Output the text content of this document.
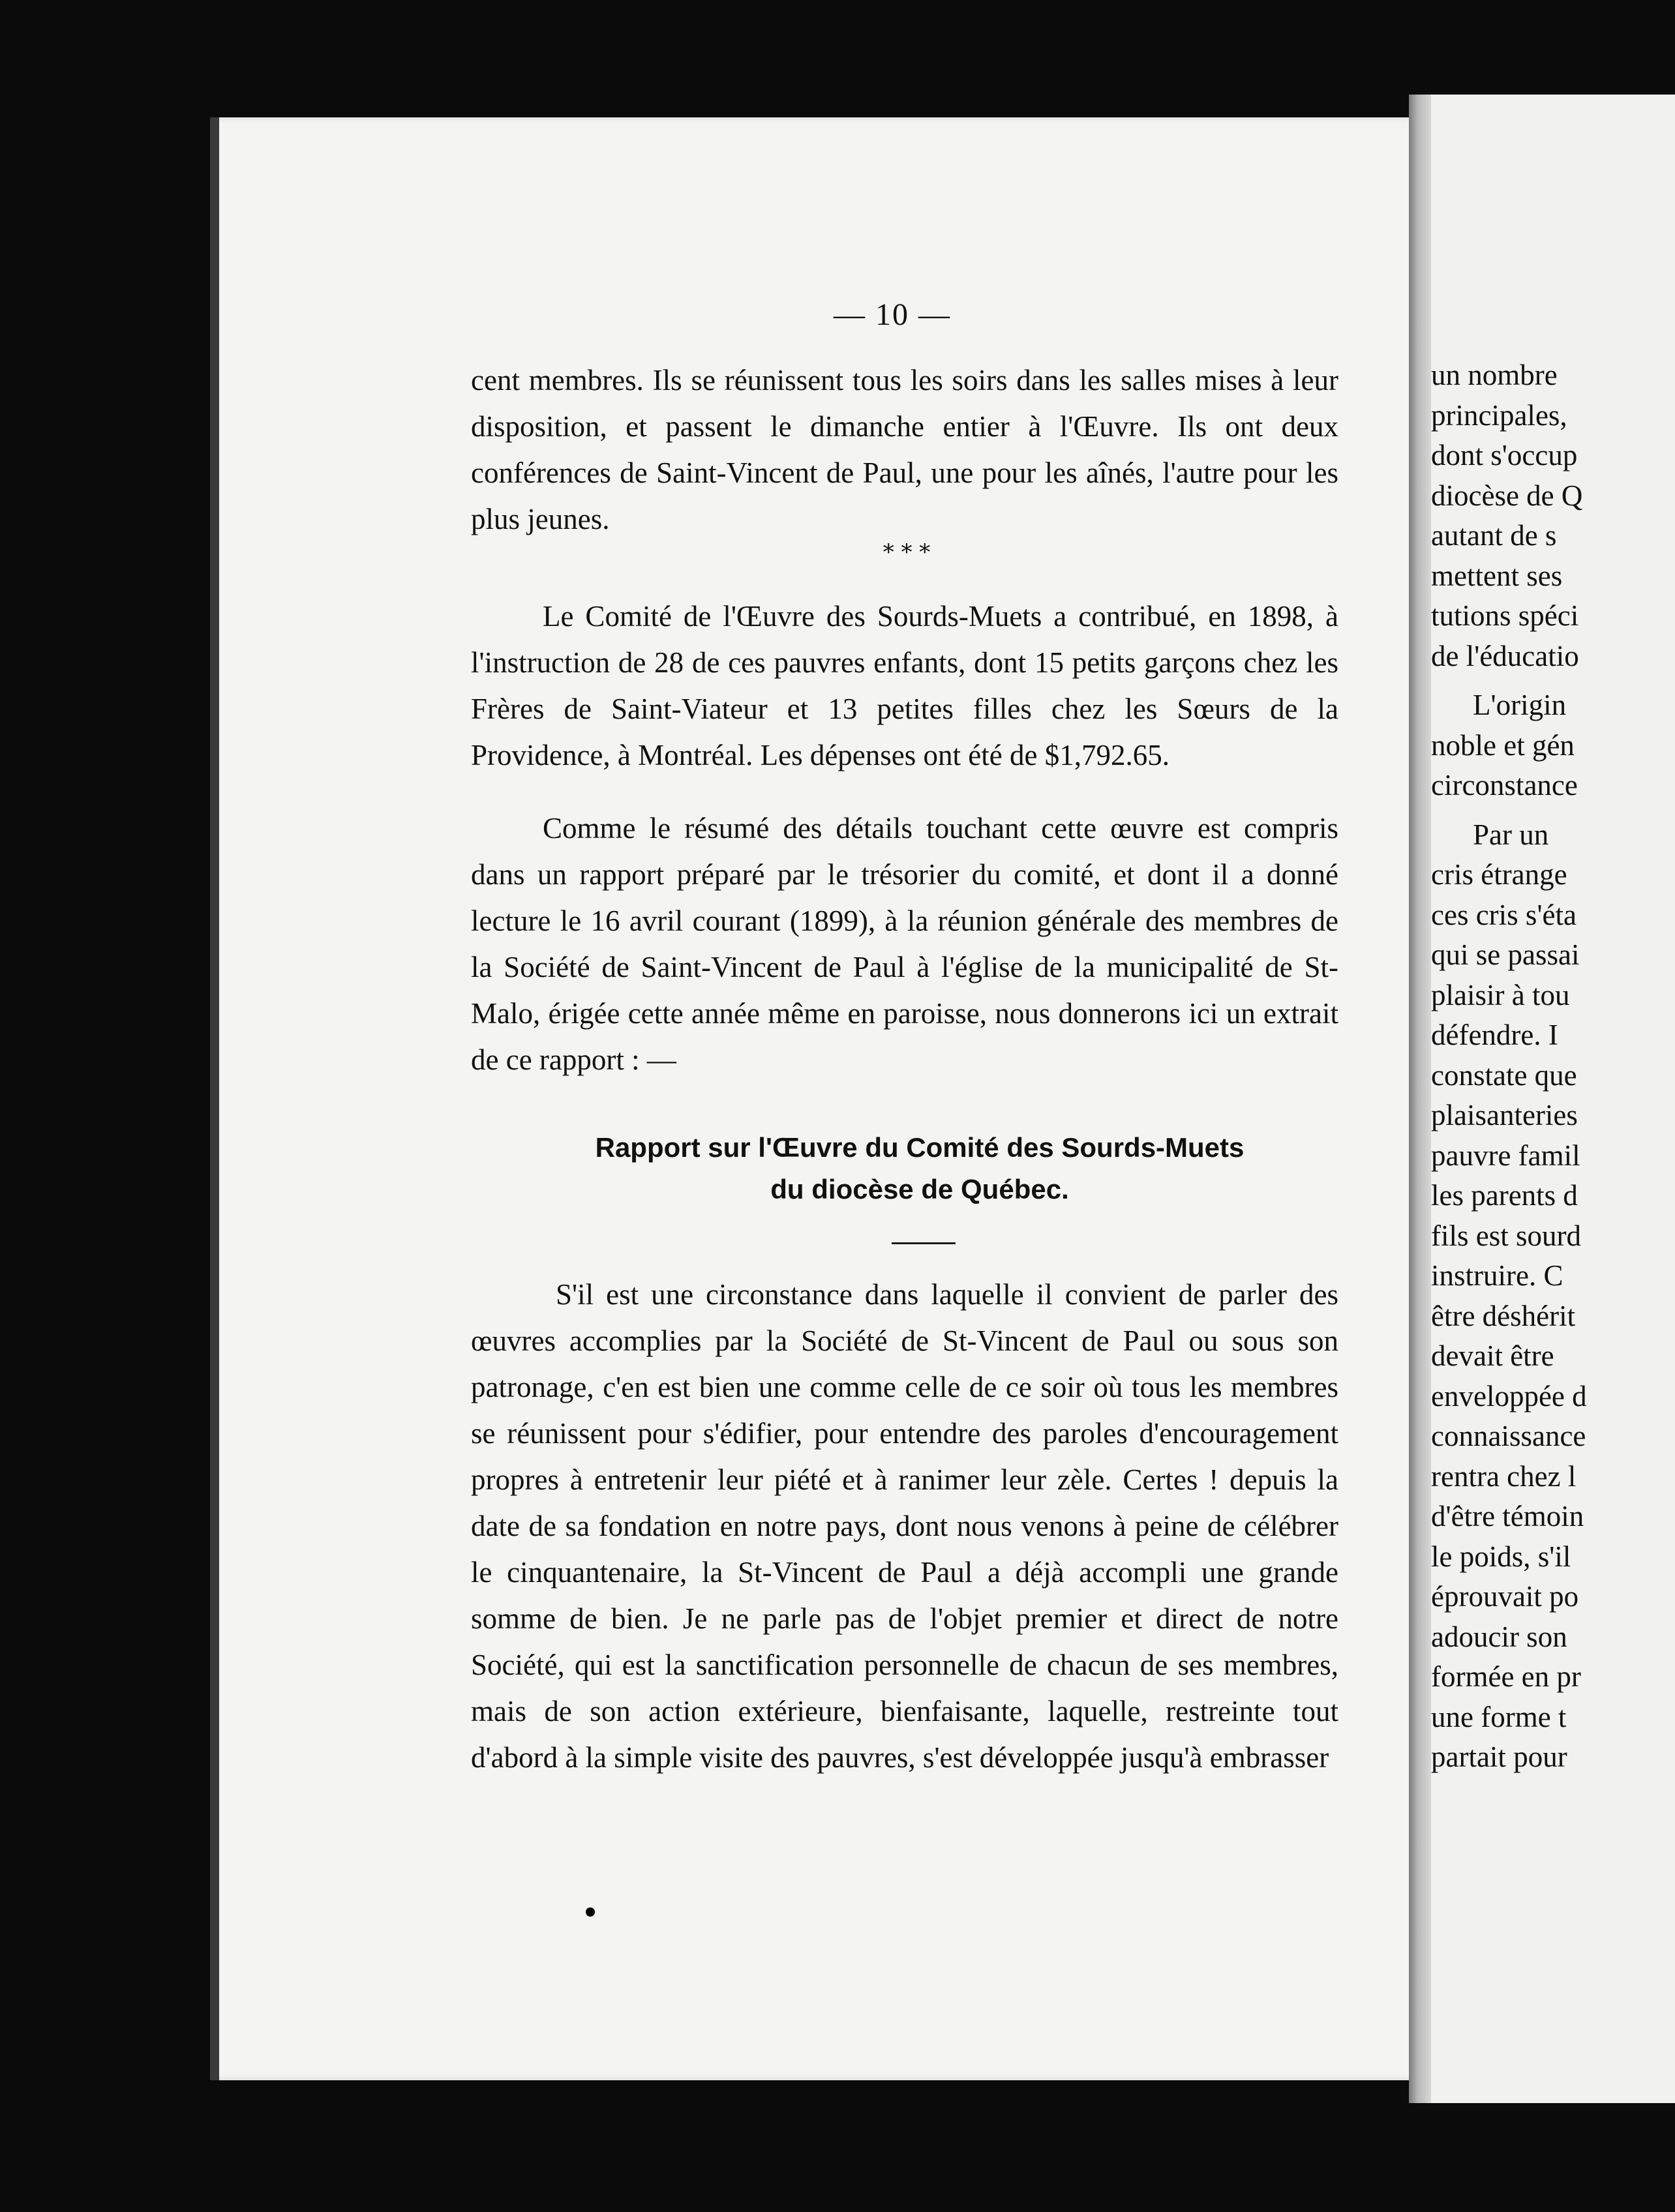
un nombre
principales,
dont s'occup
diocèse de Q
autant de s
mettent ses
tutions spéci
de l'éducatio
L'origin
noble et gén
circonstance
Par un
cris étrange
ces cris s'éta
qui se passai
plaisir à tou
défendre. I
constate que
plaisanteries
pauvre famil
les parents d
fils est sourd
instruire. C
être déshérit
devait être
enveloppée d
connaissance
rentra chez l
d'être témoin
le poids, s'il
éprouvait po
adoucir son
formée en pr
une forme t
partait pour
— 10 —
cent membres. Ils se réunissent tous les soirs dans les salles mises à leur disposition, et passent le dimanche entier à l'Œuvre. Ils ont deux conférences de Saint-Vincent de Paul, une pour les aînés, l'autre pour les plus jeunes.
* * *
Le Comité de l'Œuvre des Sourds-Muets a contribué, en 1898, à l'instruction de 28 de ces pauvres enfants, dont 15 petits garçons chez les Frères de Saint-Viateur et 13 petites filles chez les Sœurs de la Providence, à Montréal. Les dépenses ont été de $1,792.65.
Comme le résumé des détails touchant cette œuvre est compris dans un rapport préparé par le trésorier du comité, et dont il a donné lecture le 16 avril courant (1899), à la réunion générale des membres de la Société de Saint-Vincent de Paul à l'église de la municipalité de St-Malo, érigée cette année même en paroisse, nous donnerons ici un extrait de ce rapport : —
Rapport sur l'Œuvre du Comité des Sourds-Muets
du diocèse de Québec.
S'il est une circonstance dans laquelle il convient de parler des œuvres accomplies par la Société de St-Vincent de Paul ou sous son patronage, c'en est bien une comme celle de ce soir où tous les membres se réunissent pour s'édifier, pour entendre des paroles d'encouragement propres à entretenir leur piété et à ranimer leur zèle. Certes ! depuis la date de sa fondation en notre pays, dont nous venons à peine de célébrer le cinquantenaire, la St-Vincent de Paul a déjà accompli une grande somme de bien. Je ne parle pas de l'objet premier et direct de notre Société, qui est la sanctification personnelle de chacun de ses membres, mais de son action extérieure, bienfaisante, laquelle, restreinte tout d'abord à la simple visite des pauvres, s'est développée jusqu'à embrasser
